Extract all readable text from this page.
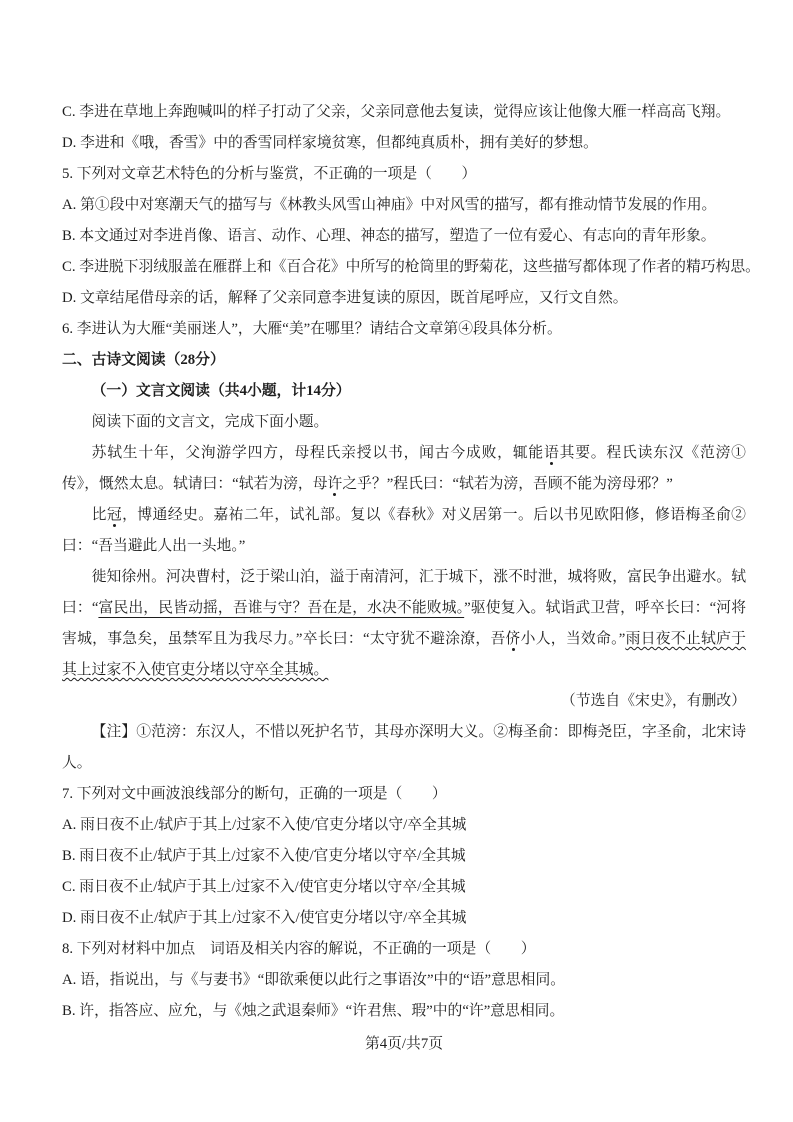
C. 李进在草地上奔跑喊叫的样子打动了父亲，父亲同意他去复读，觉得应该让他像大雁一样高高飞翔。
D. 李进和《哦，香雪》中的香雪同样家境贫寒，但都纯真质朴，拥有美好的梦想。
5. 下列对文章艺术特色的分析与鉴赏，不正确的一项是（　　）
A. 第①段中对寒潮天气的描写与《林教头风雪山神庙》中对风雪的描写，都有推动情节发展的作用。
B. 本文通过对李进肖像、语言、动作、心理、神态的描写，塑造了一位有爱心、有志向的青年形象。
C. 李进脱下羽绒服盖在雁群上和《百合花》中所写的枪筒里的野菊花，这些描写都体现了作者的精巧构思。
D. 文章结尾借母亲的话，解释了父亲同意李进复读的原因，既首尾呼应，又行文自然。
6. 李进认为大雁“美丽迷人”，大雁“美”在哪里？请结合文章第④段具体分析。
二、古诗文阅读（28分）
（一）文言文阅读（共4小题，计14分）
阅读下面的文言文，完成下面小题。

苏轼生十年，父洵游学四方，母程氏亲授以书，闻古今成败，辄能语其要。程氏读东汉《范滂①传》，慨然太息。轼请曰：“轼若为滂，母许之乎？”程氏曰：“轼若为滂，吾顾不能为滂母邪？”

比冠，博通经史。嘉祐二年，试礼部。复以《春秋》对义居第一。后以书见欧阳修，修语梅圣俞②曰：“吾当避此人出一头地。”

徙知徐州。河决曹村，泛于梁山泊，溢于南清河，汇于城下，涨不时泄，城将败，富民争出避水。轼曰：“富民出，民皆动摇，吾谁与守？吾在是，水决不能败城。”驱使复入。轼诣武卫营，呼卒长曰：“河将害城，事急矣，虽禁军且为我尽力。”卒长曰：“太守犹不避涂潦，吾侪小人，当效命。”雨日夜不止轼庐于其上过家不入使官吏分堵以守卒全其城。

（节选自《宋史》，有删改）

【注】①范滂：东汉人，不惜以死护名节，其母亦深明大义。②梅圣俞：即梅尧臣，字圣俞，北宋诗人。

7. 下列对文中画波浪线部分的断句，正确的一项是（　　）
A. 雨日夜不止/轼庐于其上/过家不入使/官吏分堵以守/卒全其城
B. 雨日夜不止/轼庐于其上/过家不入使/官吏分堵以守卒/全其城
C. 雨日夜不止/轼庐于其上/过家不入/使官吏分堵以守卒/全其城
D. 雨日夜不止/轼庐于其上/过家不入/使官吏分堵以守/卒全其城
8. 下列对材料中加点　词语及相关内容的解说，不正确的一项是（　　）
A. 语，指说出，与《与妻书》“即欲乘便以此行之事语汝”中的“语”意思相同。
B. 许，指答应、应允，与《烛之武退秦师》“许君焦、瑕”中的“许”意思相同。
第4页/共7页
